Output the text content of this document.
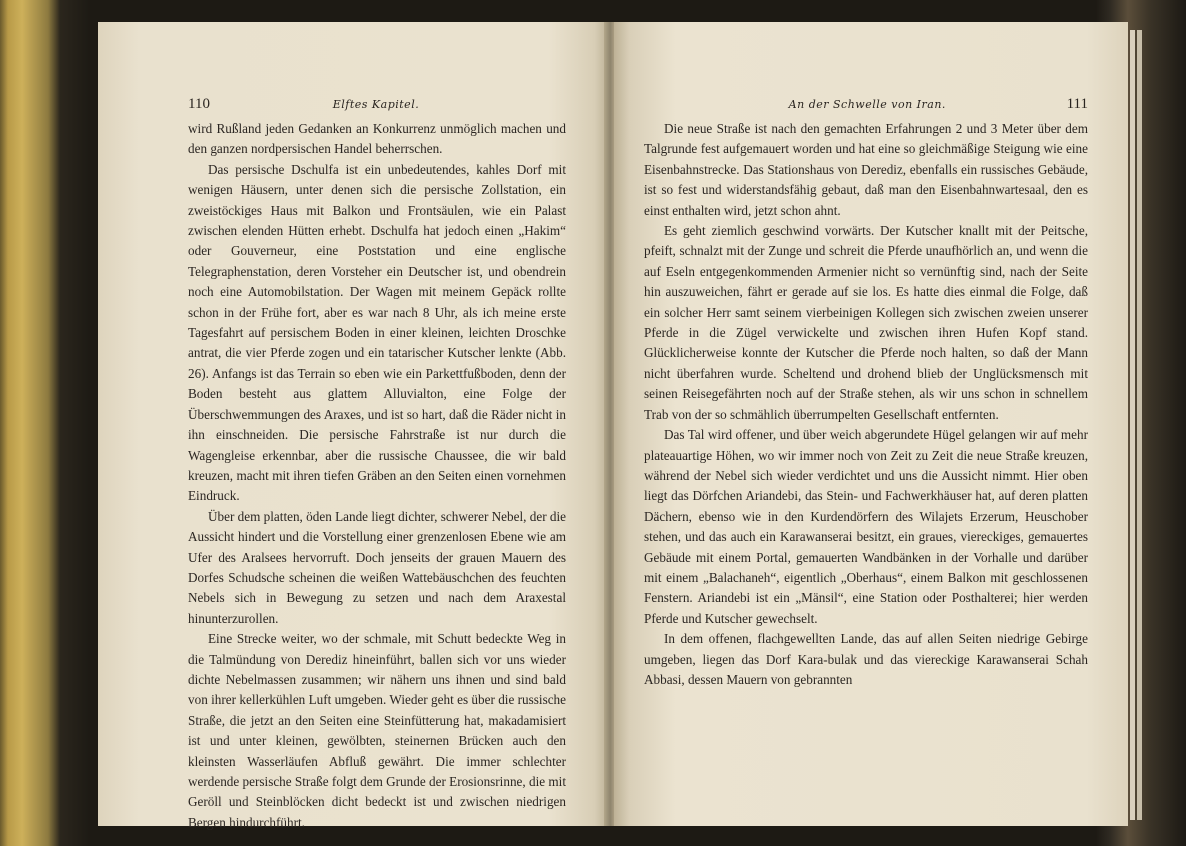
110	Elftes Kapitel.

wird Rußland jeden Gedanken an Konkurrenz unmöglich machen und den ganzen nordpersischen Handel beherrschen.

Das persische Dschulfa ist ein unbedeutendes, kahles Dorf mit wenigen Häusern, unter denen sich die persische Zollstation, ein zweistöckiges Haus mit Balkon und Frontsäulen, wie ein Palast zwischen elenden Hütten erhebt. Dschulfa hat jedoch einen „Hakim“ oder Gouverneur, eine Poststation und eine englische Telegraphenstation, deren Vorsteher ein Deutscher ist, und obendrein noch eine Automobilstation. Der Wagen mit meinem Gepäck rollte schon in der Frühe fort, aber es war nach 8 Uhr, als ich meine erste Tagesfahrt auf persischem Boden in einer kleinen, leichten Droschke antrat, die vier Pferde zogen und ein tatarischer Kutscher lenkte (Abb. 26). Anfangs ist das Terrain so eben wie ein Parkettfußboden, denn der Boden besteht aus glattem Alluvialton, eine Folge der Überschwemmungen des Araxes, und ist so hart, daß die Räder nicht in ihn einschneiden. Die persische Fahrstraße ist nur durch die Wagengleise erkennbar, aber die russische Chaussee, die wir bald kreuzen, macht mit ihren tiefen Gräben an den Seiten einen vornehmen Eindruck.

Über dem platten, öden Lande liegt dichter, schwerer Nebel, der die Aussicht hindert und die Vorstellung einer grenzenlosen Ebene wie am Ufer des Aralsees hervorruft. Doch jenseits der grauen Mauern des Dorfes Schudsche scheinen die weißen Wattebäuschchen des feuchten Nebels sich in Bewegung zu setzen und nach dem Araxestal hinunterzurollen.

Eine Strecke weiter, wo der schmale, mit Schutt bedeckte Weg in die Talmündung von Derediz hineinführt, ballen sich vor uns wieder dichte Nebelmassen zusammen; wir nähern uns ihnen und sind bald von ihrer kellerkühlen Luft umgeben. Wieder geht es über die russische Straße, die jetzt an den Seiten eine Steinfütterung hat, makadamisiert ist und unter kleinen, gewölbten, steinernen Brücken auch den kleinsten Wasserläufen Abfluß gewährt. Die immer schlechter werdende persische Straße folgt dem Grunde der Erosionsrinne, die mit Geröll und Steinblöcken dicht bedeckt ist und zwischen niedrigen Bergen hindurchführt.

An der Schwelle von Iran.	111

Die neue Straße ist nach den gemachten Erfahrungen 2 und 3 Meter über dem Talgrunde fest aufgemauert worden und hat eine so gleichmäßige Steigung wie eine Eisenbahnstrecke. Das Stationshaus von Derediz, ebenfalls ein russisches Gebäude, ist so fest und widerstandsfähig gebaut, daß man den Eisenbahnwartesaal, den es einst enthalten wird, jetzt schon ahnt.

Es geht ziemlich geschwind vorwärts. Der Kutscher knallt mit der Peitsche, pfeift, schnalzt mit der Zunge und schreit die Pferde unaufhörlich an, und wenn die auf Eseln entgegenkommenden Armenier nicht so vernünftig sind, nach der Seite hin auszuweichen, fährt er gerade auf sie los. Es hatte dies einmal die Folge, daß ein solcher Herr samt seinem vierbeinigen Kollegen sich zwischen zweien unserer Pferde in die Zügel verwickelte und zwischen ihren Hufen Kopf stand. Glücklicherweise konnte der Kutscher die Pferde noch halten, so daß der Mann nicht überfahren wurde. Scheltend und drohend blieb der Unglücksmensch mit seinen Reisegefährten noch auf der Straße stehen, als wir uns schon in schnellem Trab von der so schmählich überrumpelten Gesellschaft entfernten.

Das Tal wird offener, und über weich abgerundete Hügel gelangen wir auf mehr plateauartige Höhen, wo wir immer noch von Zeit zu Zeit die neue Straße kreuzen, während der Nebel sich wieder verdichtet und uns die Aussicht nimmt. Hier oben liegt das Dörfchen Ariandebi, das Stein- und Fachwerkhäuser hat, auf deren platten Dächern, ebenso wie in den Kurdendörfern des Wilajets Erzerum, Heuschober stehen, und das auch ein Karawanserai besitzt, ein graues, viereckiges, gemauertes Gebäude mit einem Portal, gemauerten Wandbänken in der Vorhalle und darüber mit einem „Balachaneh“, eigentlich „Oberhaus“, einem Balkon mit geschlossenen Fenstern. Ariandebi ist ein „Mänsil“, eine Station oder Posthalterei; hier werden Pferde und Kutscher gewechselt.

In dem offenen, flachgewellten Lande, das auf allen Seiten niedrige Gebirge umgeben, liegen das Dorf Kara-bulak und das viereckige Karawanserai Schah Abbasi, dessen Mauern von gebrannten
